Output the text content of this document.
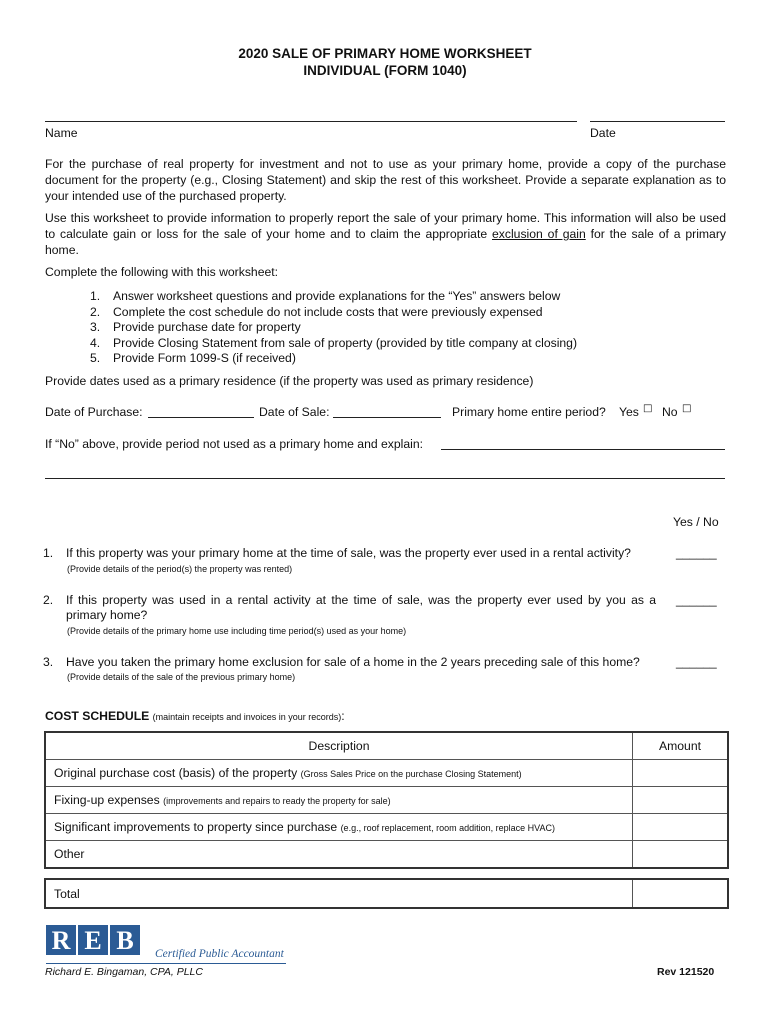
2020 SALE OF PRIMARY HOME WORKSHEET
INDIVIDUAL (FORM 1040)
Name	Date
For the purchase of real property for investment and not to use as your primary home, provide a copy of the purchase document for the property (e.g., Closing Statement) and skip the rest of this worksheet. Provide a separate explanation as to your intended use of the purchased property.
Use this worksheet to provide information to properly report the sale of your primary home. This information will also be used to calculate gain or loss for the sale of your home and to claim the appropriate exclusion of gain for the sale of a primary home.
Complete the following with this worksheet:
1. Answer worksheet questions and provide explanations for the “Yes” answers below
2. Complete the cost schedule do not include costs that were previously expensed
3. Provide purchase date for property
4. Provide Closing Statement from sale of property (provided by title company at closing)
5. Provide Form 1099-S (if received)
Provide dates used as a primary residence (if the property was used as primary residence)
Date of Purchase:	Date of Sale:	Primary home entire period? Yes □ No □
If “No” above, provide period not used as a primary home and explain:
Yes / No
1. If this property was your primary home at the time of sale, was the property ever used in a rental activity?	______
(Provide details of the period(s) the property was rented)
2. If this property was used in a rental activity at the time of sale, was the property ever used by you as a primary home?
______
(Provide details of the primary home use including time period(s) used as your home)
3. Have you taken the primary home exclusion for sale of a home in the 2 years preceding sale of this home?	______
(Provide details of the sale of the previous primary home)
COST SCHEDULE (maintain receipts and invoices in your records):
Description	Amount
Original purchase cost (basis) of the property (Gross Sales Price on the purchase Closing Statement)	
Fixing-up expenses (improvements and repairs to ready the property for sale)	
Significant improvements to property since purchase (e.g., roof replacement, room addition, replace HVAC)	
Other	
Total	
R E B	Certified Public Accountant
Richard E. Bingaman, CPA, PLLC	Rev 121520
